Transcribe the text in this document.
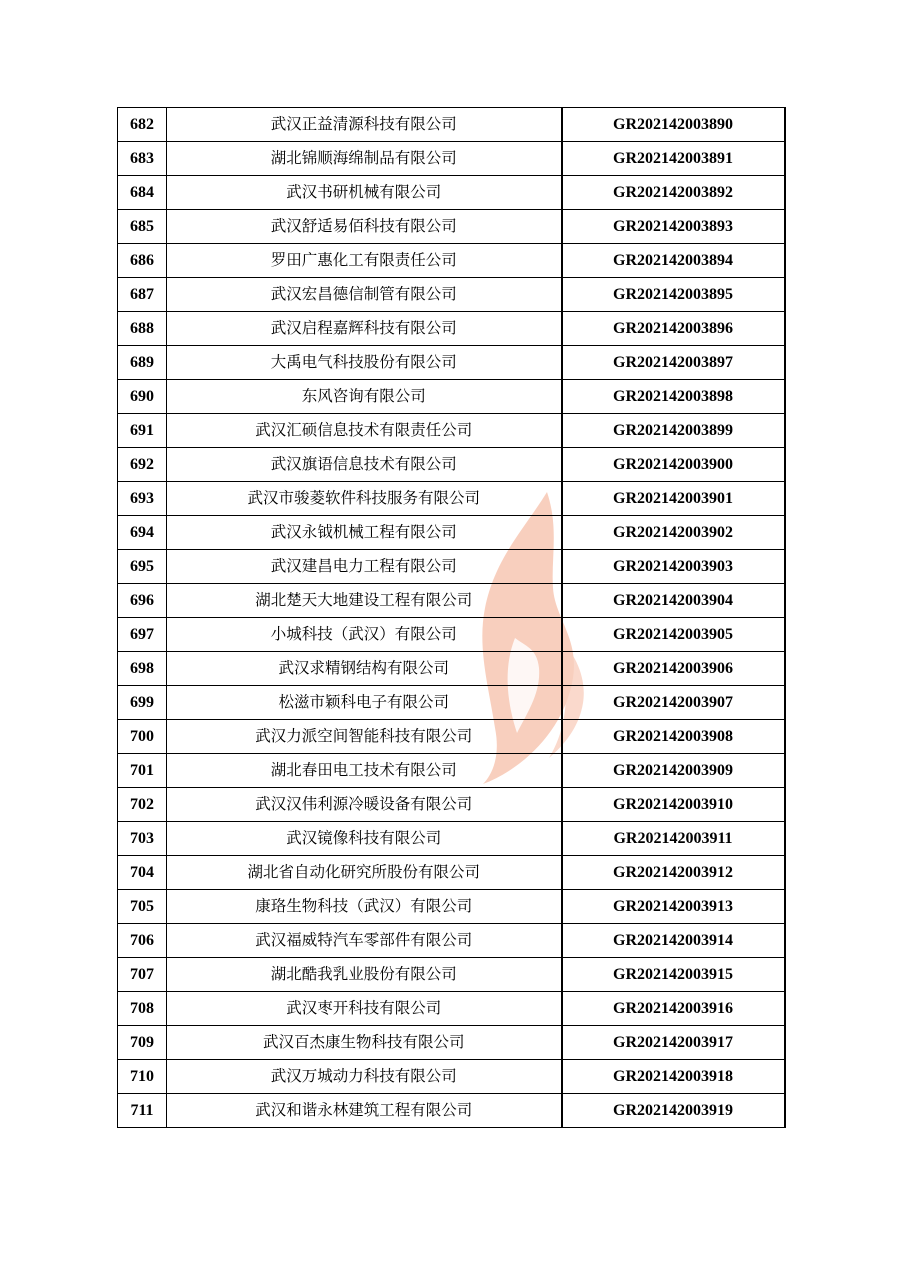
682	武汉正益清源科技有限公司	GR202142003890
683	湖北锦顺海绵制品有限公司	GR202142003891
684	武汉书研机械有限公司	GR202142003892
685	武汉舒适易佰科技有限公司	GR202142003893
686	罗田广惠化工有限责任公司	GR202142003894
687	武汉宏昌德信制管有限公司	GR202142003895
688	武汉启程嘉辉科技有限公司	GR202142003896
689	大禹电气科技股份有限公司	GR202142003897
690	东风咨询有限公司	GR202142003898
691	武汉汇硕信息技术有限责任公司	GR202142003899
692	武汉旗语信息技术有限公司	GR202142003900
693	武汉市骏菱软件科技服务有限公司	GR202142003901
694	武汉永钺机械工程有限公司	GR202142003902
695	武汉建昌电力工程有限公司	GR202142003903
696	湖北楚天大地建设工程有限公司	GR202142003904
697	小城科技（武汉）有限公司	GR202142003905
698	武汉求精钢结构有限公司	GR202142003906
699	松滋市颖科电子有限公司	GR202142003907
700	武汉力派空间智能科技有限公司	GR202142003908
701	湖北春田电工技术有限公司	GR202142003909
702	武汉汉伟利源冷暖设备有限公司	GR202142003910
703	武汉镜像科技有限公司	GR202142003911
704	湖北省自动化研究所股份有限公司	GR202142003912
705	康珞生物科技（武汉）有限公司	GR202142003913
706	武汉福威特汽车零部件有限公司	GR202142003914
707	湖北酷我乳业股份有限公司	GR202142003915
708	武汉枣开科技有限公司	GR202142003916
709	武汉百杰康生物科技有限公司	GR202142003917
710	武汉万城动力科技有限公司	GR202142003918
711	武汉和谐永林建筑工程有限公司	GR202142003919
